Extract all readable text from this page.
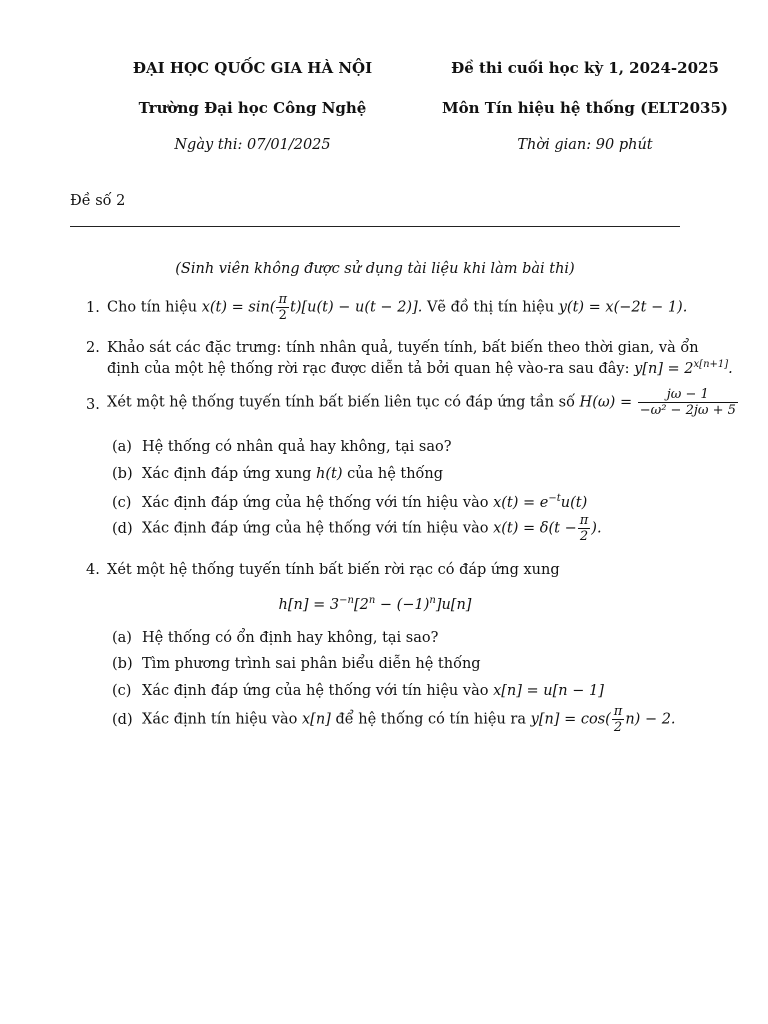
ĐẠI HỌC QUỐC GIA HÀ NỘI	Đề thi cuối học kỳ 1, 2024-2025
Trường Đại học Công Nghệ	Môn Tín hiệu hệ thống (ELT2035)
Ngày thi: 07/01/2025	Thời gian: 90 phút
Đề số 2
(Sinh viên không được sử dụng tài liệu khi làm bài thi)
1. Cho tín hiệu $x(t) = \sin( \frac{\pi}{2} t)[u(t) - u(t - 2)]$. Vẽ đồ thị tín hiệu y(t) = x(−2t − 1).
2. Khảo sát các đặc trưng: tính nhân quả, tuyến tính, bất biến theo thời gian, và ổn
định của một hệ thống rời rạc được diễn tả bởi quan hệ vào-ra sau đây: $y[n] = 2^{x[n+1]}$.
3. Xét một hệ thống tuyến tính bất biến liên tục có đáp ứng tần số $H(\omega) = \frac{j\omega - 1}{\text{−ω² − 2jω + 5}}$
(a) Hệ thống có nhân quả hay không, tại sao?
(b) Xác định đáp ứng xung h(t) của hệ thống
(c) Xác định đáp ứng của hệ thống với tín hiệu vào $x(t) = e^{-t}u(t)$
(d) Xác định đáp ứng của hệ thống với tín hiệu vào $x(t) = \delta(t - \frac{\pi}{2}$ ).
4. Xét một hệ thống tuyến tính bất biến rời rạc có đáp ứng xung
$h[n] = 3^{-n}[2^n - (-1)^n]u[n]$
(a) Hệ thống có ổn định hay không, tại sao?
(b) Tìm phương trình sai phân biểu diễn hệ thống
(c) Xác định đáp ứng của hệ thống với tín hiệu vào x[n] = u[n − 1]
(d) Xác định tín hiệu vào x[n] để hệ thống có tín hiệu ra $y[n] = \cos( \frac{\pi}{2} n) - 2$.
